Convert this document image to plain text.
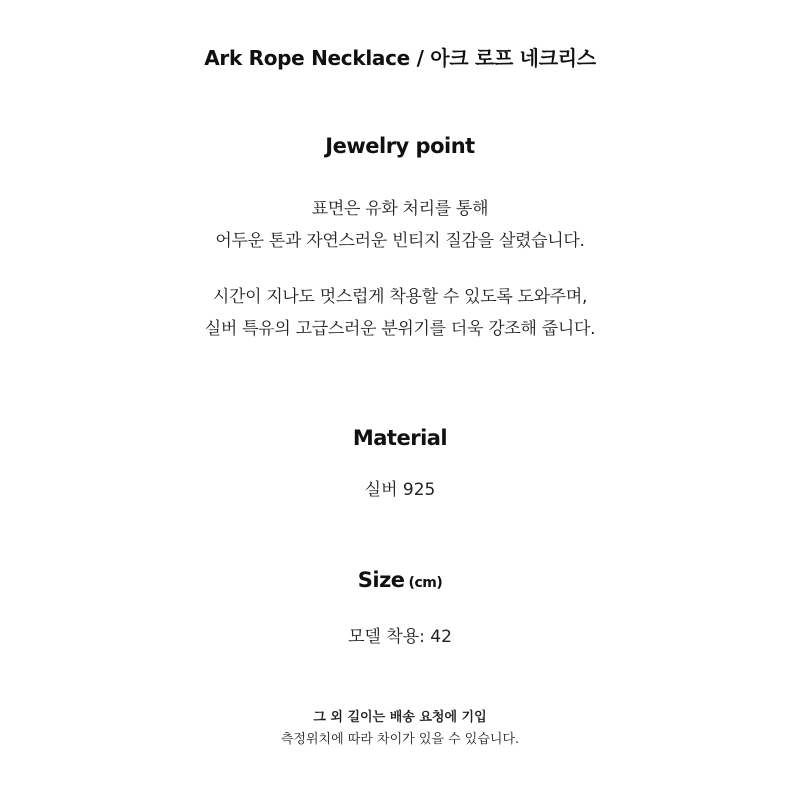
Ark Rope Necklace / 아크 로프 네크리스
Jewelry point
표면은 유화 처리를 통해
어두운 톤과 자연스러운 빈티지 질감을 살렸습니다.
시간이 지나도 멋스럽게 착용할 수 있도록 도와주며,
실버 특유의 고급스러운 분위기를 더욱 강조해 줍니다.
Material
실버 925
Size (cm)
모델 착용: 42
그 외 길이는 배송 요청에 기입
측정위치에 따라 차이가 있을 수 있습니다.
